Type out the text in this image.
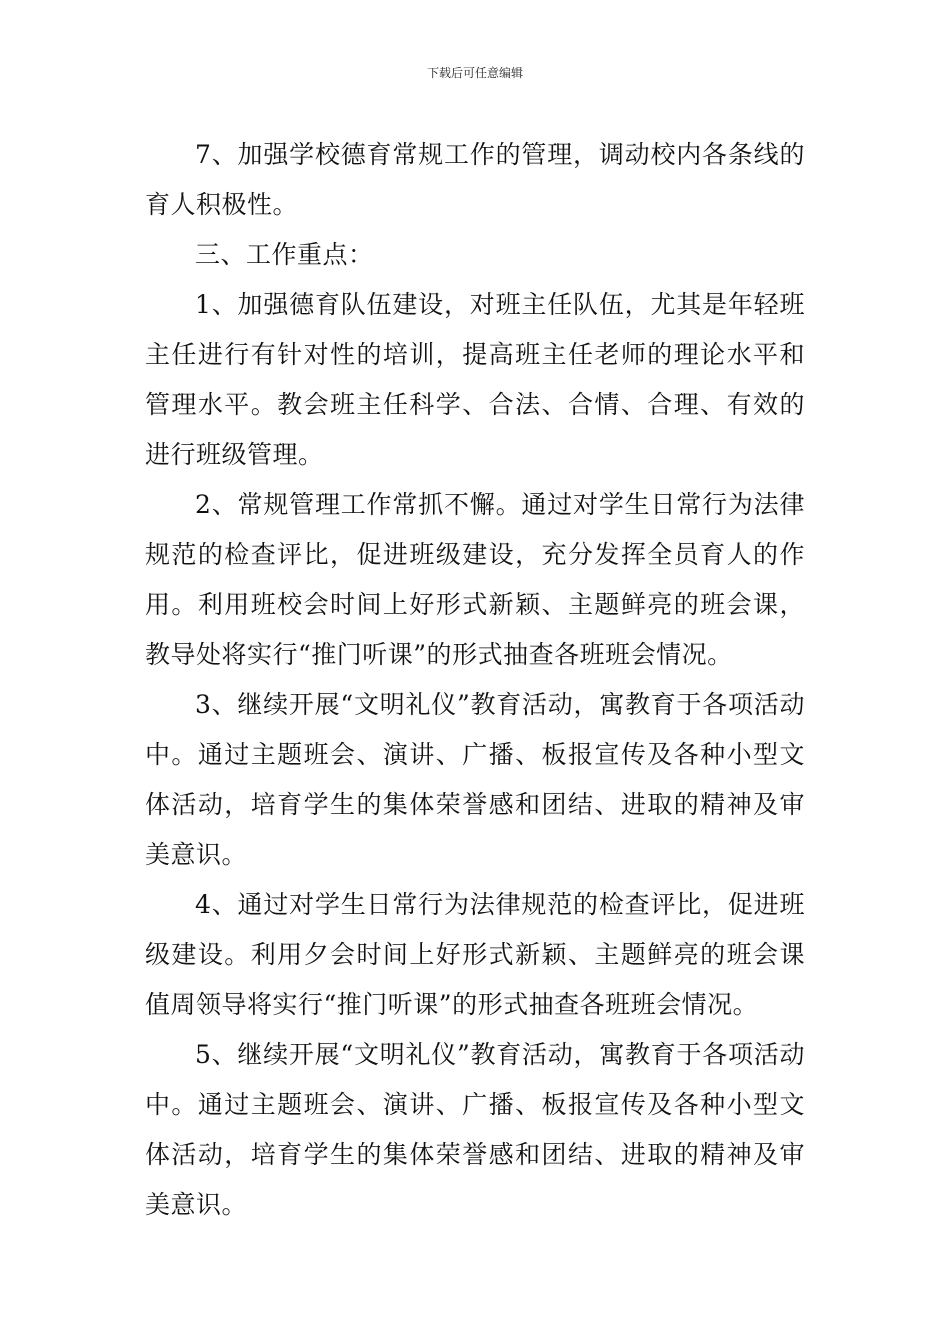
下载后可任意编辑

7、加强学校德育常规工作的管理，调动校内各条线的育人积极性。

三、工作重点：

1、加强德育队伍建设，对班主任队伍，尤其是年轻班主任进行有针对性的培训，提高班主任老师的理论水平和管理水平。教会班主任科学、合法、合情、合理、有效的进行班级管理。

2、常规管理工作常抓不懈。通过对学生日常行为法律规范的检查评比，促进班级建设，充分发挥全员育人的作用。利用班校会时间上好形式新颖、主题鲜亮的班会课，教导处将实行“推门听课”的形式抽查各班班会情况。

3、继续开展“文明礼仪”教育活动，寓教育于各项活动中。通过主题班会、演讲、广播、板报宣传及各种小型文体活动，培育学生的集体荣誉感和团结、进取的精神及审美意识。

4、通过对学生日常行为法律规范的检查评比，促进班级建设。利用夕会时间上好形式新颖、主题鲜亮的班会课值周领导将实行“推门听课”的形式抽查各班班会情况。

5、继续开展“文明礼仪”教育活动，寓教育于各项活动中。通过主题班会、演讲、广播、板报宣传及各种小型文体活动，培育学生的集体荣誉感和团结、进取的精神及审美意识。
